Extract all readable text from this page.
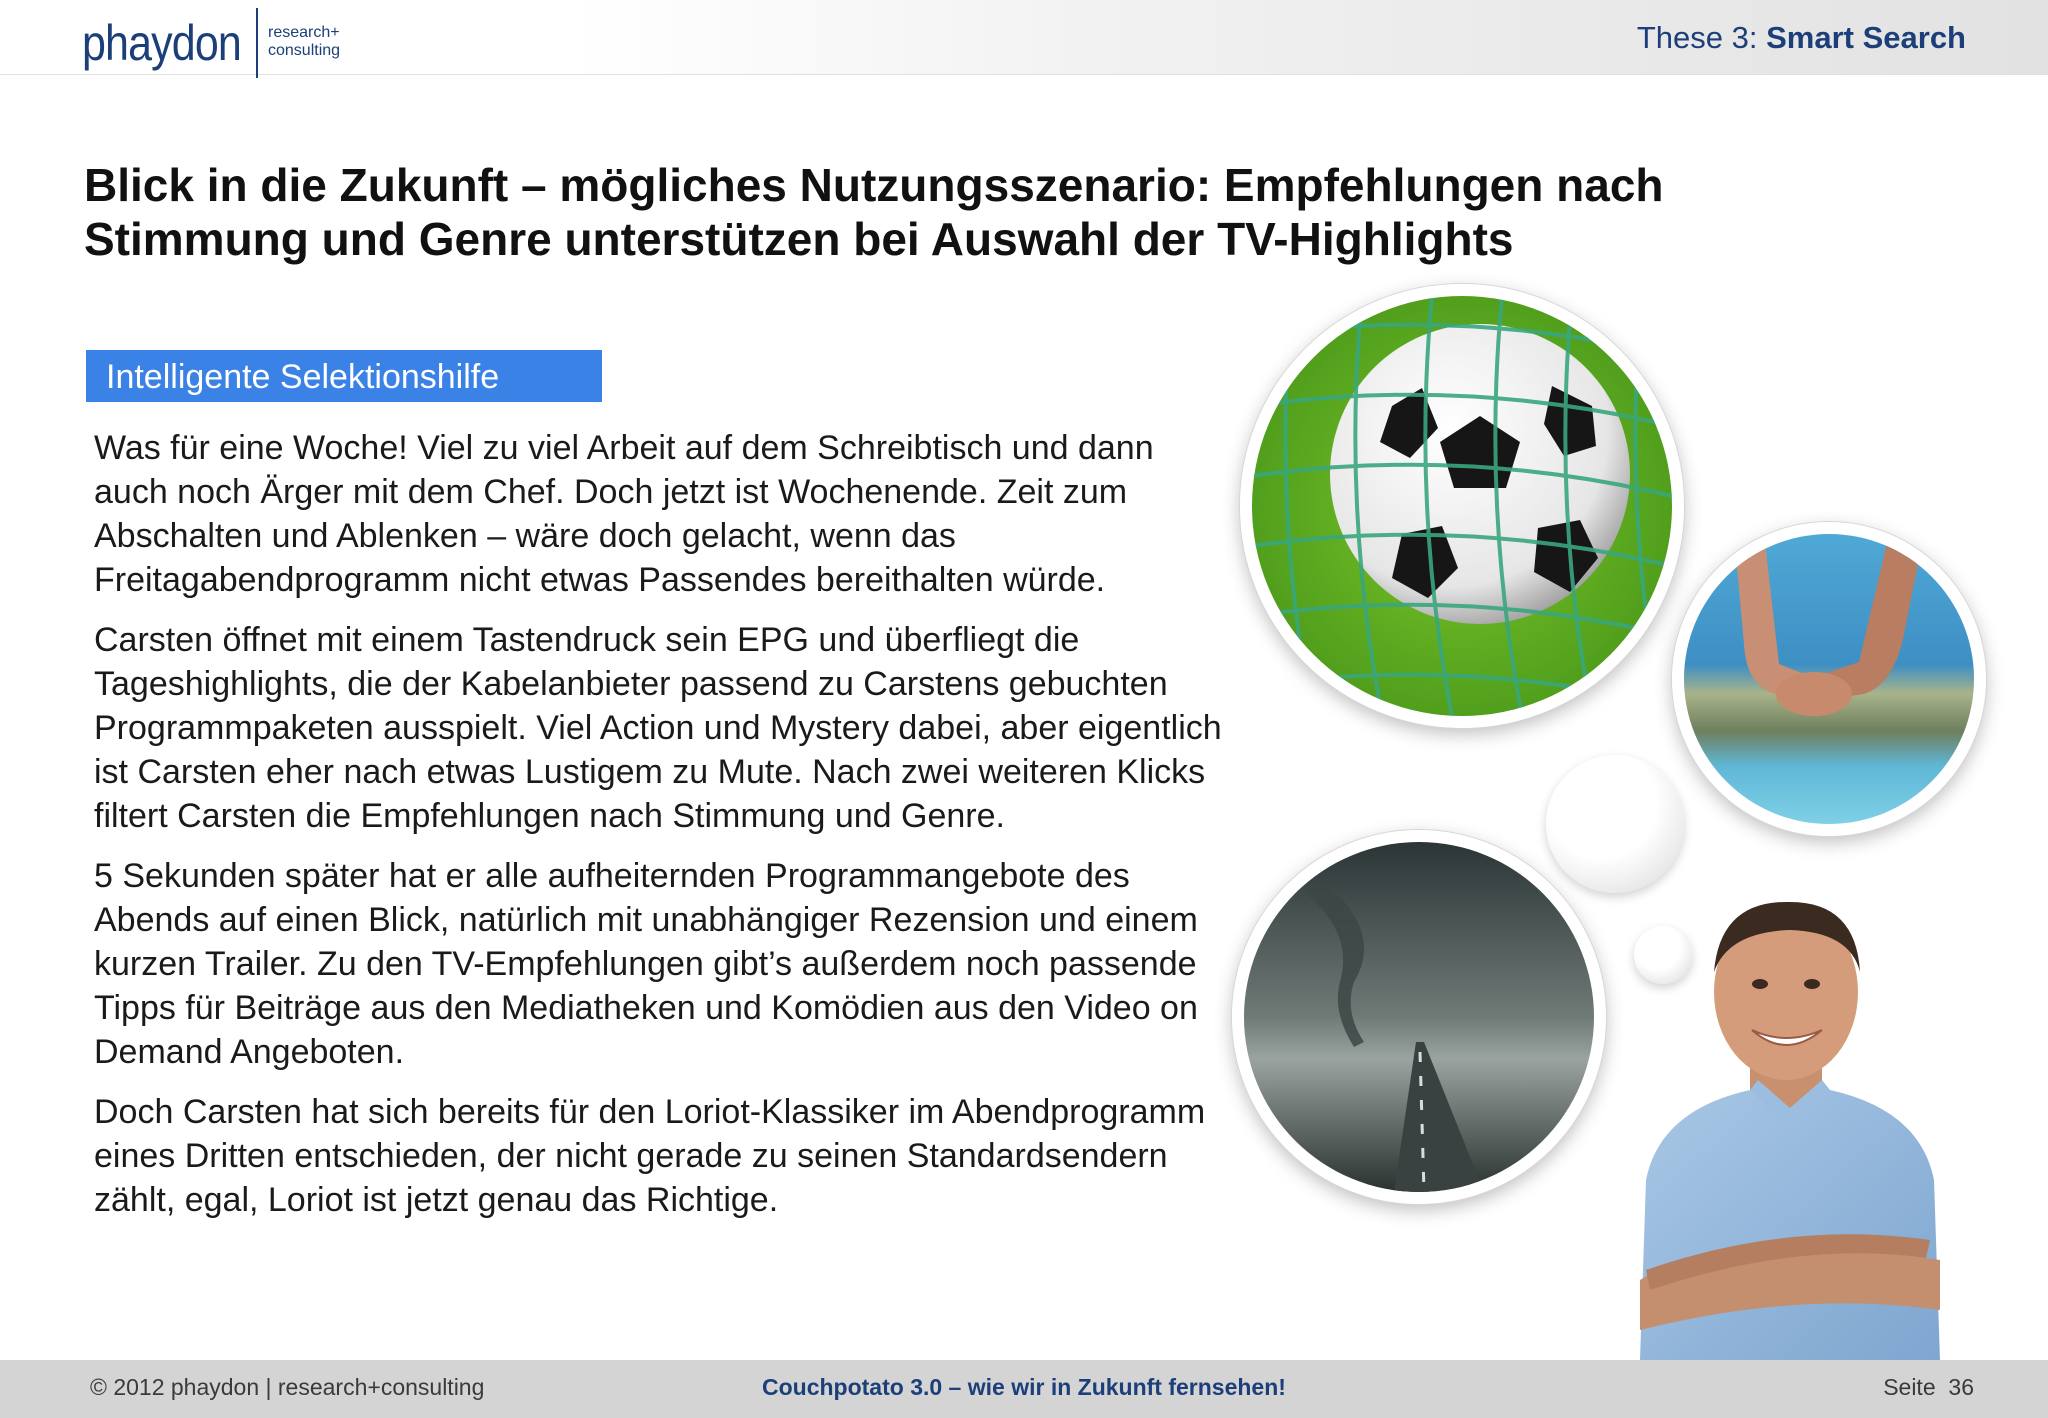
phaydon research+
consulting	These 3: Smart Search
Blick in die Zukunft – mögliches Nutzungsszenario: Empfehlungen nach
Stimmung und Genre unterstützen bei Auswahl der TV-Highlights
Intelligente Selektionshilfe

Was für eine Woche! Viel zu viel Arbeit auf dem Schreibtisch und dann auch noch Ärger mit dem Chef. Doch jetzt ist Wochenende. Zeit zum Abschalten und Ablenken – wäre doch gelacht, wenn das Freitagabendprogramm nicht etwas Passendes bereithalten würde.

Carsten öffnet mit einem Tastendruck sein EPG und überfliegt die Tageshighlights, die der Kabelanbieter passend zu Carstens gebuchten Programmpaketen ausspielt. Viel Action und Mystery dabei, aber eigentlich ist Carsten eher nach etwas Lustigem zu Mute. Nach zwei weiteren Klicks filtert Carsten die Empfehlungen nach Stimmung und Genre.

5 Sekunden später hat er alle aufheiternden Programmangebote des Abends auf einen Blick, natürlich mit unabhängiger Rezension und einem kurzen Trailer. Zu den TV-Empfehlungen gibt’s außerdem noch passende Tipps für Beiträge aus den Mediatheken und Komödien aus den Video on Demand Angeboten.

Doch Carsten hat sich bereits für den Loriot-Klassiker im Abendprogramm eines Dritten entschieden, der nicht gerade zu seinen Standardsendern zählt, egal, Loriot ist jetzt genau das Richtige.

© 2012 phaydon | research+consulting	Couchpotato 3.0 – wie wir in Zukunft fernsehen!	Seite 36
